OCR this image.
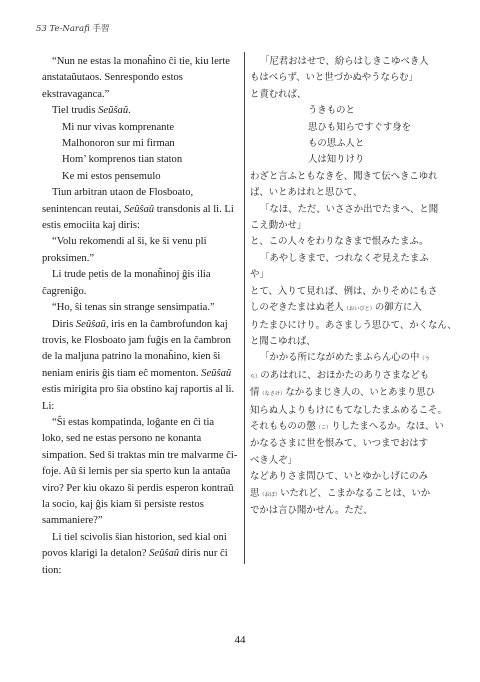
53 Te-Narafi 手習
“Nun ne estas la monaĥino ĉi tie, kiu lerte anstataŭutaos. Senrespondo estos ekstravaganca.”
Tiel trudis Seŭŝaŭ.
Mi nur vivas komprenante
Malhonoron sur mi firman
Hom’ komprenos tian staton
Ke mi estos pensemulo
Tiun arbitran utaon de Flosboato, senintencan reutai, Seŭŝaŭ transdonis al li. Li estis emociita kaj diris:
“Volu rekomendi al ŝi, ke ŝi venu pli proksimen.”
Li trude petis de la monaĥinoj ĝis ilia ĉagreniĝo.
“Ho, ŝi tenas sin strange sensimpatia.”
Diris Seŭŝaŭ, iris en la ĉambrofundon kaj trovis, ke Flosboato jam fuĝis en la ĉambron de la maljuna patrino la monaĥino, kien ŝi neniam eniris ĝis tiam eĉ momenton. Seŭŝaŭ estis mirigita pro ŝia obstino kaj raportis al li. Li:
“Ŝi estas kompatinda, loĝante en ĉi tia loko, sed ne estas persono ne konanta simpation. Sed ŝi traktas min tre malvarme ĉi-foje. Aŭ ŝi lernis per sia sperto kun la antaŭa viro? Per kiu okazo ŝi perdis esperon kontraŭ la socio, kaj ĝis kiam ŝi persiste restos sammaniere?”
Li tiel scivolis ŝian historion, sed kial oni povos klarigi la detalon? Seŭŝaŭ diris nur ĉi tion:
「尼君おはせで、紛らはしきこゆべき人
もはべらず、いと世づかぬやうならむ」
と責むれば、
うきものと
思ひも知らですぐす身を
もの思ふ人と
人は知りけり
わざと言ふともなきを、聞きて伝へきこゆれ
ば、いとあはれと思ひて、
「なほ、ただ、いささか出でたまへ、と聞
こえ動かせ」
と、この人々をわりなきまで恨みたまふ。
「あやしきまで、つれなくぞ見えたまふ
や」
とて、入りて見れば、例は、かりそめにもさ
しのぞきたまはぬ老人（おいびと）の御方に入
りたまひにけり。あさましう思ひて、かくなん、
と聞こゆれば、
「かかる所にながめたまふらん心の中（う
ち）のあはれに、おほかたのありさまなども
情（なさけ）なかるまじき人の、いとあまり思ひ
知らぬ人よりもけにもてなしたまふめるこそ。
それもものの懲（こ）りしたまへるか。なほ、い
かなるさまに世を恨みて、いつまでおはす
べき人ぞ」
などありさま問ひて、いとゆかしげにのみ
思（おぼ）いたれど、こまかなることは、いか
でかは言ひ聞かせん。ただ、
44
